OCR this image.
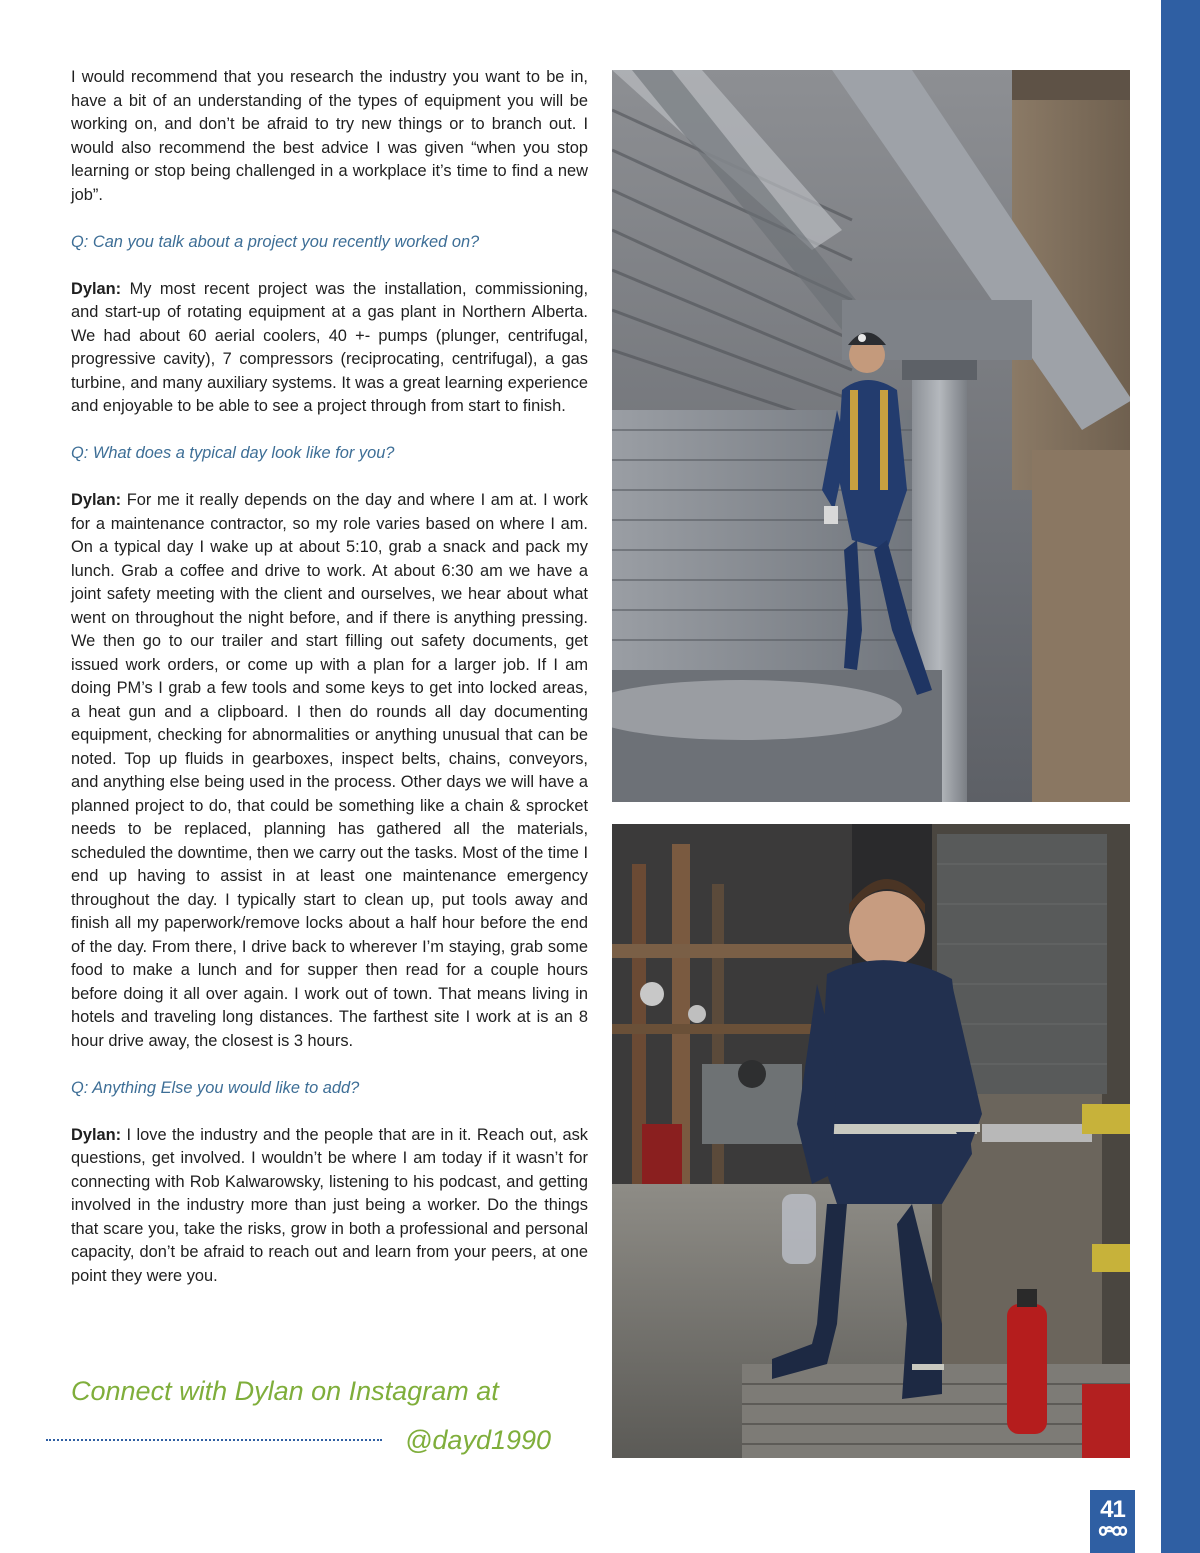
I would recommend that you research the industry you want to be in, have a bit of an understanding of the types of equipment you will be working on, and don’t be afraid to try new things or to branch out. I would also recommend the best advice I was given “when you stop learning or stop being challenged in a workplace it’s time to find a new job”.

Q: Can you talk about a project you recently worked on?

Dylan: My most recent project was the installation, commissioning, and start-up of rotating equipment at a gas plant in Northern Alberta. We had about 60 aerial coolers, 40 +- pumps (plunger, centrifugal, progressive cavity), 7 compressors (reciprocating, centrifugal), a gas turbine, and many auxiliary systems. It was a great learning experience and enjoyable to be able to see a project through from start to finish.

Q: What does a typical day look like for you?

Dylan: For me it really depends on the day and where I am at. I work for a maintenance contractor, so my role varies based on where I am. On a typical day I wake up at about 5:10, grab a snack and pack my lunch. Grab a coffee and drive to work. At about 6:30 am we have a joint safety meeting with the client and ourselves, we hear about what went on throughout the night before, and if there is anything pressing. We then go to our trailer and start filling out safety documents, get issued work orders, or come up with a plan for a larger job. If I am doing PM’s I grab a few tools and some keys to get into locked areas, a heat gun and a clipboard. I then do rounds all day documenting equipment, checking for abnormalities or anything unusual that can be noted. Top up fluids in gearboxes, inspect belts, chains, conveyors, and anything else being used in the process. Other days we will have a planned project to do, that could be something like a chain & sprocket needs to be replaced, planning has gathered all the materials, scheduled the downtime, then we carry out the tasks. Most of the time I end up having to assist in at least one maintenance emergency throughout the day. I typically start to clean up, put tools away and finish all my paperwork/remove locks about a half hour before the end of the day. From there, I drive back to wherever I’m staying, grab some food to make a lunch and for supper then read for a couple hours before doing it all over again. I work out of town. That means living in hotels and traveling long distances. The farthest site I work at is an 8 hour drive away, the closest is 3 hours.

Q: Anything Else you would like to add?

Dylan: I love the industry and the people that are in it. Reach out, ask questions, get involved. I wouldn’t be where I am today if it wasn’t for connecting with Rob Kalwarowsky, listening to his podcast, and getting involved in the industry more than just being a worker. Do the things that scare you, take the risks, grow in both a professional and personal capacity, don’t be afraid to reach out and learn from your peers, at one point they were you.

Connect with Dylan on Instagram at
@dayd1990
41
